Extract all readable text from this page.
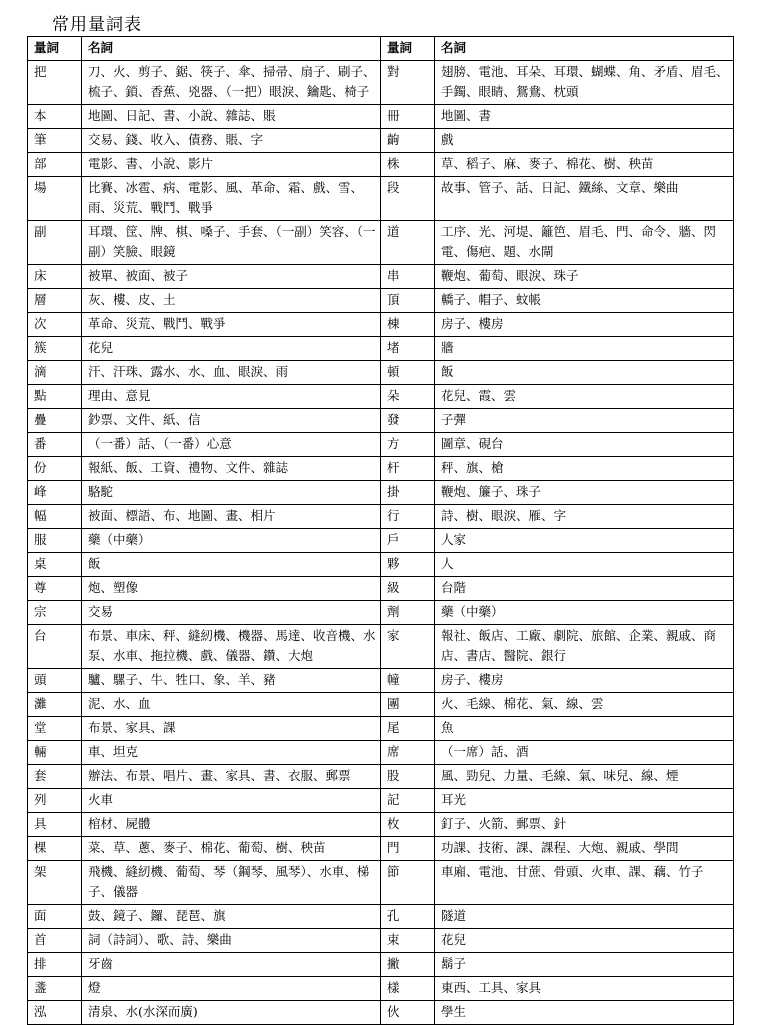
常用量詞表
量詞	名詞	量詞	名詞
把	刀、火、剪子、鋸、筷子、傘、掃帚、扇子、刷子、梳子、鎖、香蕉、兇器、（一把）眼淚、鑰匙、椅子	對	翅膀、電池、耳朵、耳環、蝴蝶、角、矛盾、眉毛、手鐲、眼睛、鴛鴦、枕頭
本	地圖、日記、書、小說、雜誌、賬	冊	地圖、書
筆	交易、錢、收入、債務、賬、字	齣	戲
部	電影、書、小說、影片	株	草、稻子、麻、麥子、棉花、樹、秧苗
場	比賽、冰雹、病、電影、風、革命、霜、戲、雪、雨、災荒、戰鬥、戰爭	段	故事、管子、話、日記、鐵絲、文章、樂曲
副	耳環、筐、牌、棋、嗓子、手套、（一副）笑容、（一副）笑臉、眼鏡	道	工序、光、河堤、籬笆、眉毛、門、命令、牆、閃電、傷疤、題、水閘
床	被單、被面、被子	串	鞭炮、葡萄、眼淚、珠子
層	灰、樓、皮、土	頂	轎子、帽子、蚊帳
次	革命、災荒、戰鬥、戰爭	棟	房子、樓房
簇	花兒	堵	牆
滴	汗、汗珠、露水、水、血、眼淚、雨	頓	飯
點	理由、意見	朵	花兒、霞、雲
疊	鈔票、文件、紙、信	發	子彈
番	（一番）話、（一番）心意	方	圖章、硯台
份	報紙、飯、工資、禮物、文件、雜誌	杆	秤、旗、槍
峰	駱駝	掛	鞭炮、簾子、珠子
幅	被面、標語、布、地圖、畫、相片	行	詩、樹、眼淚、雁、字
服	藥（中藥）	戶	人家
桌	飯	夥	人
尊	炮、塑像	級	台階
宗	交易	劑	藥（中藥）
台	布景、車床、秤、縫紉機、機器、馬達、收音機、水泵、水車、拖拉機、戲、儀器、鑽、大炮	家	報社、飯店、工廠、劇院、旅館、企業、親戚、商店、書店、醫院、銀行
頭	驢、騾子、牛、牲口、象、羊、豬	幢	房子、樓房
灘	泥、水、血	團	火、毛線、棉花、氣、線、雲
堂	布景、家具、課	尾	魚
輛	車、坦克	席	（一席）話、酒
套	辦法、布景、唱片、畫、家具、書、衣服、郵票	股	風、勁兒、力量、毛線、氣、味兒、線、煙
列	火車	記	耳光
具	棺材、屍體	枚	釘子、火箭、郵票、針
棵	菜、草、蔥、麥子、棉花、葡萄、樹、秧苗	門	功課、技術、課、課程、大炮、親戚、學問
架	飛機、縫紉機、葡萄、琴（鋼琴、風琴）、水車、梯子、儀器	節	車廂、電池、甘蔗、骨頭、火車、課、藕、竹子
面	鼓、鏡子、鑼、琵琶、旗	孔	隧道
首	詞（詩詞）、歌、詩、樂曲	束	花兒
排	牙齒	撇	鬍子
盞	燈	樣	東西、工具、家具
泓	清泉、水(水深而廣)	伙	學生
